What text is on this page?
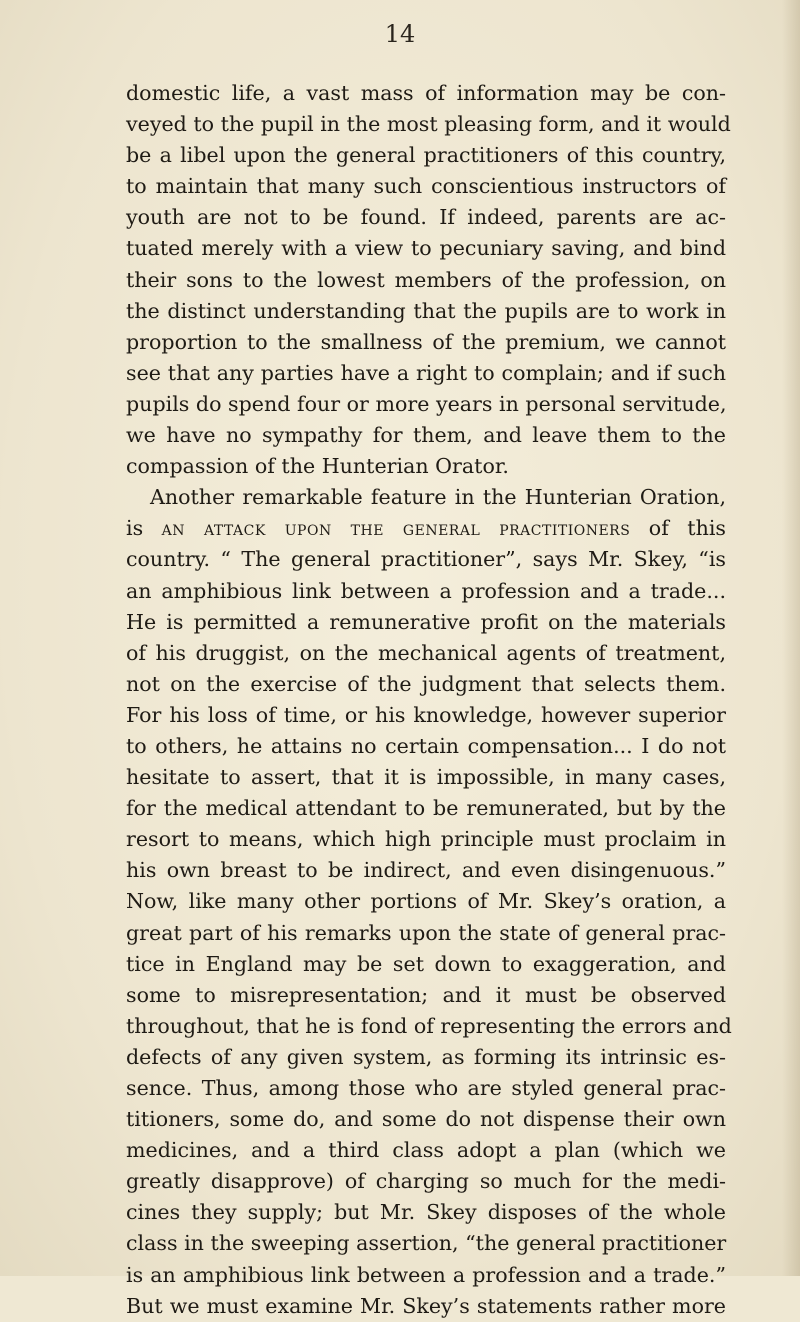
14
domestic life, a vast mass of information may be con-
veyed to the pupil in the most pleasing form, and it would
be a libel upon the general practitioners of this country,
to maintain that many such conscientious instructors of
youth are not to be found. If indeed, parents are ac-
tuated merely with a view to pecuniary saving, and bind
their sons to the lowest members of the profession, on
the distinct understanding that the pupils are to work in
proportion to the smallness of the premium, we cannot
see that any parties have a right to complain; and if such
pupils do spend four or more years in personal servitude,
we have no sympathy for them, and leave them to the
compassion of the Hunterian Orator.
Another remarkable feature in the Hunterian Oration,
is an attack upon the general practitioners of this
country. “ The general practitioner”, says Mr. Skey, “is
an amphibious link between a profession and a trade...
He is permitted a remunerative profit on the materials
of his druggist, on the mechanical agents of treatment,
not on the exercise of the judgment that selects them.
For his loss of time, or his knowledge, however superior
to others, he attains no certain compensation... I do not
hesitate to assert, that it is impossible, in many cases,
for the medical attendant to be remunerated, but by the
resort to means, which high principle must proclaim in
his own breast to be indirect, and even disingenuous.”
Now, like many other portions of Mr. Skey’s oration, a
great part of his remarks upon the state of general prac-
tice in England may be set down to exaggeration, and
some to misrepresentation; and it must be observed
throughout, that he is fond of representing the errors and
defects of any given system, as forming its intrinsic es-
sence. Thus, among those who are styled general prac-
titioners, some do, and some do not dispense their own
medicines, and a third class adopt a plan (which we
greatly disapprove) of charging so much for the medi-
cines they supply; but Mr. Skey disposes of the whole
class in the sweeping assertion, “the general practitioner
is an amphibious link between a profession and a trade.”
But we must examine Mr. Skey’s statements rather more
